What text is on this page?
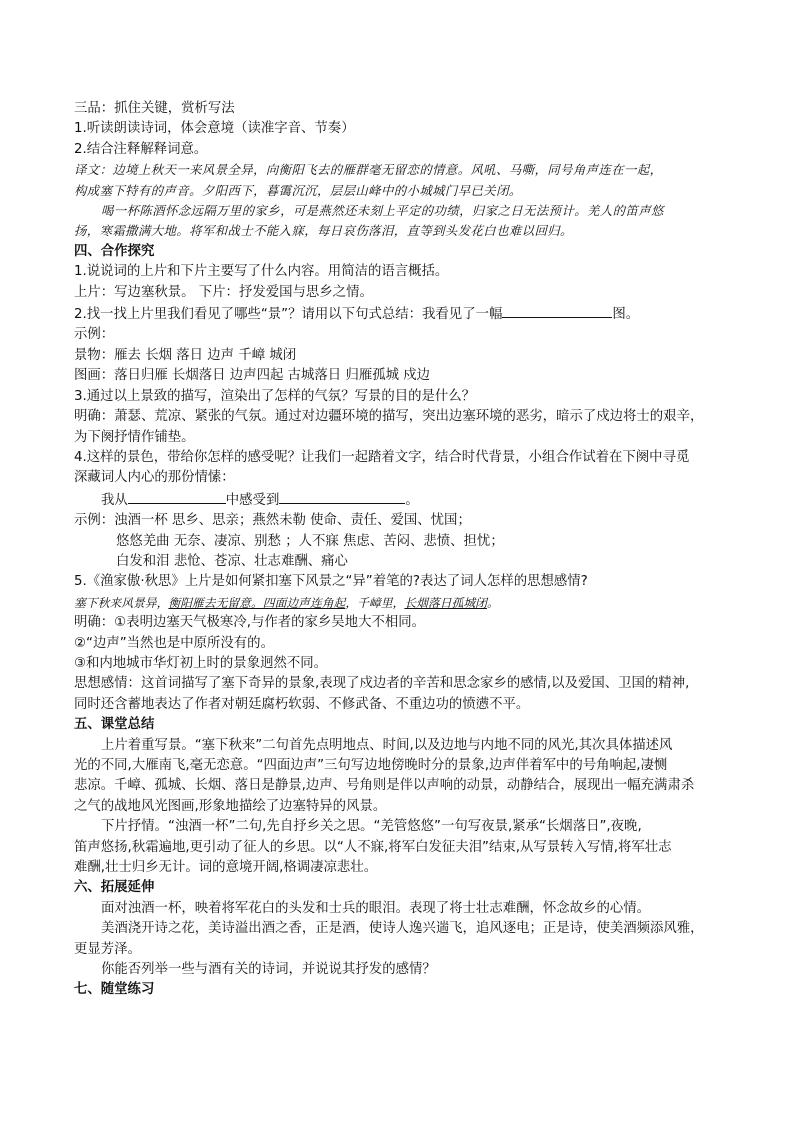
三品：抓住关键，赏析写法
1.听读朗读诗词，体会意境（读准字音、节奏）
2.结合注释解释词意。
译文：边境上秋天一来风景全异，向衡阳飞去的雁群毫无留恋的情意。风吼、马嘶，同号角声连在一起，
构成塞下特有的声音。夕阳西下，暮霭沉沉，层层山峰中的小城城门早已关闭。
喝一杯陈酒怀念远隔万里的家乡，可是燕然还未刻上平定的功绩，归家之日无法预计。羌人的笛声悠
扬，寒霜撒满大地。将军和战士不能入寐，每日哀伤落泪，直等到头发花白也难以回归。
四、合作探究
1.说说词的上片和下片主要写了什么内容。用简洁的语言概括。
上片：写边塞秋景。 下片：抒发爱国与思乡之情。
2.找一找上片里我们看见了哪些“景”？请用以下句式总结：我看见了一幅	图。
示例：
景物：雁去 长烟 落日 边声 千嶂 城闭
图画：落日归雁 长烟落日 边声四起 古城落日 归雁孤城 戍边
3.通过以上景致的描写，渲染出了怎样的气氛？写景的目的是什么？
明确：萧瑟、荒凉、紧张的气氛。通过对边疆环境的描写，突出边塞环境的恶劣，暗示了戍边将士的艰辛，
为下阕抒情作铺垫。
4.这样的景色，带给你怎样的感受呢？让我们一起踏着文字，结合时代背景，小组合作试着在下阕中寻觅
深藏词人内心的那份情愫：
我从	中感受到	。
示例：浊酒一杯 思乡、思亲；燕然未勒 使命、责任、爱国、忧国；
悠悠羌曲 无奈、凄凉、别愁 ；人不寐 焦虑、苦闷、悲愤、担忧；
白发和泪 悲怆、苍凉、壮志难酬、痛心
5.《渔家傲·秋思》上片是如何紧扣塞下风景之“异”着笔的?表达了词人怎样的思想感情?
塞下秋来风景异，衡阳雁去无留意。四面边声连角起，千嶂里，长烟落日孤城闭。
明确：①表明边塞天气极寒冷,与作者的家乡吴地大不相同。
②“边声”当然也是中原所没有的。
③和内地城市华灯初上时的景象迥然不同。
思想感情：这首词描写了塞下奇异的景象,表现了戍边者的辛苦和思念家乡的感情,以及爱国、卫国的精神,
同时还含蓄地表达了作者对朝廷腐朽软弱、不修武备、不重边功的愤懑不平。
五、课堂总结
上片着重写景。“塞下秋来”二句首先点明地点、时间,以及边地与内地不同的风光,其次具体描述风
光的不同,大雁南飞,毫无恋意。“四面边声”三句写边地傍晚时分的景象,边声伴着军中的号角响起,凄恻
悲凉。千嶂、孤城、长烟、落日是静景,边声、号角则是伴以声响的动景，动静结合，展现出一幅充满肃杀
之气的战地风光图画,形象地描绘了边塞特异的风景。
下片抒情。“浊酒一杯”二句,先自抒乡关之思。“羌管悠悠”一句写夜景,紧承“长烟落日”,夜晚,
笛声悠扬,秋霜遍地,更引动了征人的乡思。以“人不寐,将军白发征夫泪”结束,从写景转入写情,将军壮志
难酬,壮士归乡无计。词的意境开阔,格调凄凉悲壮。
六、拓展延伸
面对浊酒一杯，映着将军花白的头发和士兵的眼泪。表现了将士壮志难酬，怀念故乡的心情。
美酒浇开诗之花，美诗溢出酒之香，正是酒，使诗人逸兴遄飞，追风逐电；正是诗，使美酒频添风雅，
更显芳泽。
你能否列举一些与酒有关的诗词，并说说其抒发的感情？
七、随堂练习
